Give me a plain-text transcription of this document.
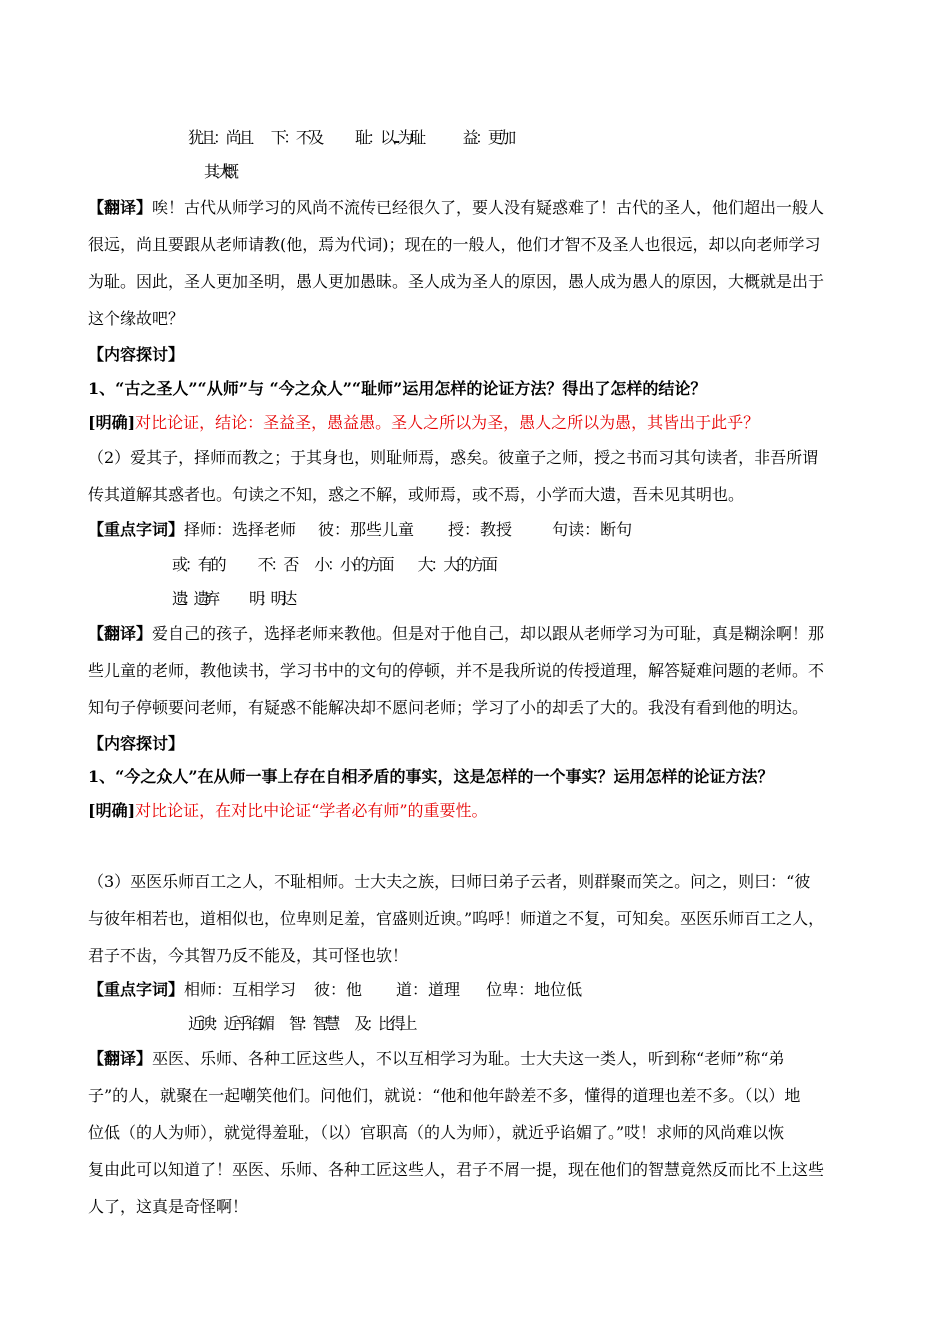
犹且：尚且 下：不及 耻：以...为耻	益：更加
其：大概
【翻译】唉！古代从师学习的风尚不流传已经很久了，要人没有疑惑难了！古代的圣人，他们超出一般人
很远，尚且要跟从老师请教(他，焉为代词)；现在的一般人，他们才智不及圣人也很远，却以向老师学习
为耻。因此，圣人更加圣明，愚人更加愚昧。圣人成为圣人的原因，愚人成为愚人的原因，大概就是出于
这个缘故吧？
【内容探讨】
1、“古之圣人”“从师”与 “今之众人”“耻师”运用怎样的论证方法？得出了怎样的结论？
[明确]对比论证，结论：圣益圣，愚益愚。圣人之所以为圣，愚人之所以为愚，其皆出于此乎？
（2）爱其子，择师而教之；于其身也，则耻师焉，惑矣。彼童子之师，授之书而习其句读者，非吾所谓
传其道解其惑者也。句读之不知，惑之不解，或师焉，或不焉，小学而大遗，吾未见其明也。
【重点字词】择师：选择老师 彼：那些儿童 授：教授	句读：断句
或：有的 不：否 小：小的方面 大：大的方面
遗：遗弃 明：明达
【翻译】爱自己的孩子，选择老师来教他。但是对于他自己，却以跟从老师学习为可耻，真是糊涂啊！那
些儿童的老师，教他读书，学习书中的文句的停顿，并不是我所说的传授道理，解答疑难问题的老师。不
知句子停顿要问老师，有疑惑不能解决却不愿问老师；学习了小的却丢了大的。我没有看到他的明达。
【内容探讨】
1、“今之众人”在从师一事上存在自相矛盾的事实，这是怎样的一个事实？运用怎样的论证方法？
[明确]对比论证，在对比中论证“学者必有师”的重要性。
（3）巫医乐师百工之人，不耻相师。士大夫之族，曰师曰弟子云者，则群聚而笑之。问之，则曰：“彼
与彼年相若也，道相似也，位卑则足羞，官盛则近谀。”呜呼！师道之不复，可知矣。巫医乐师百工之人，
君子不齿，今其智乃反不能及，其可怪也欤！
【重点字词】相师：互相学习 彼：他 道：道理 位卑：地位低
近谀：近乎谄媚 智：智慧 及：比得上
【翻译】巫医、乐师、各种工匠这些人，不以互相学习为耻。士大夫这一类人，听到称“老师”称“弟
子”的人，就聚在一起嘲笑他们。问他们，就说：“他和他年龄差不多，懂得的道理也差不多。（以）地
位低（的人为师），就觉得羞耻，（以）官职高（的人为师），就近乎谄媚了。”哎！求师的风尚难以恢
复由此可以知道了！巫医、乐师、各种工匠这些人，君子不屑一提，现在他们的智慧竟然反而比不上这些
人了，这真是奇怪啊！
